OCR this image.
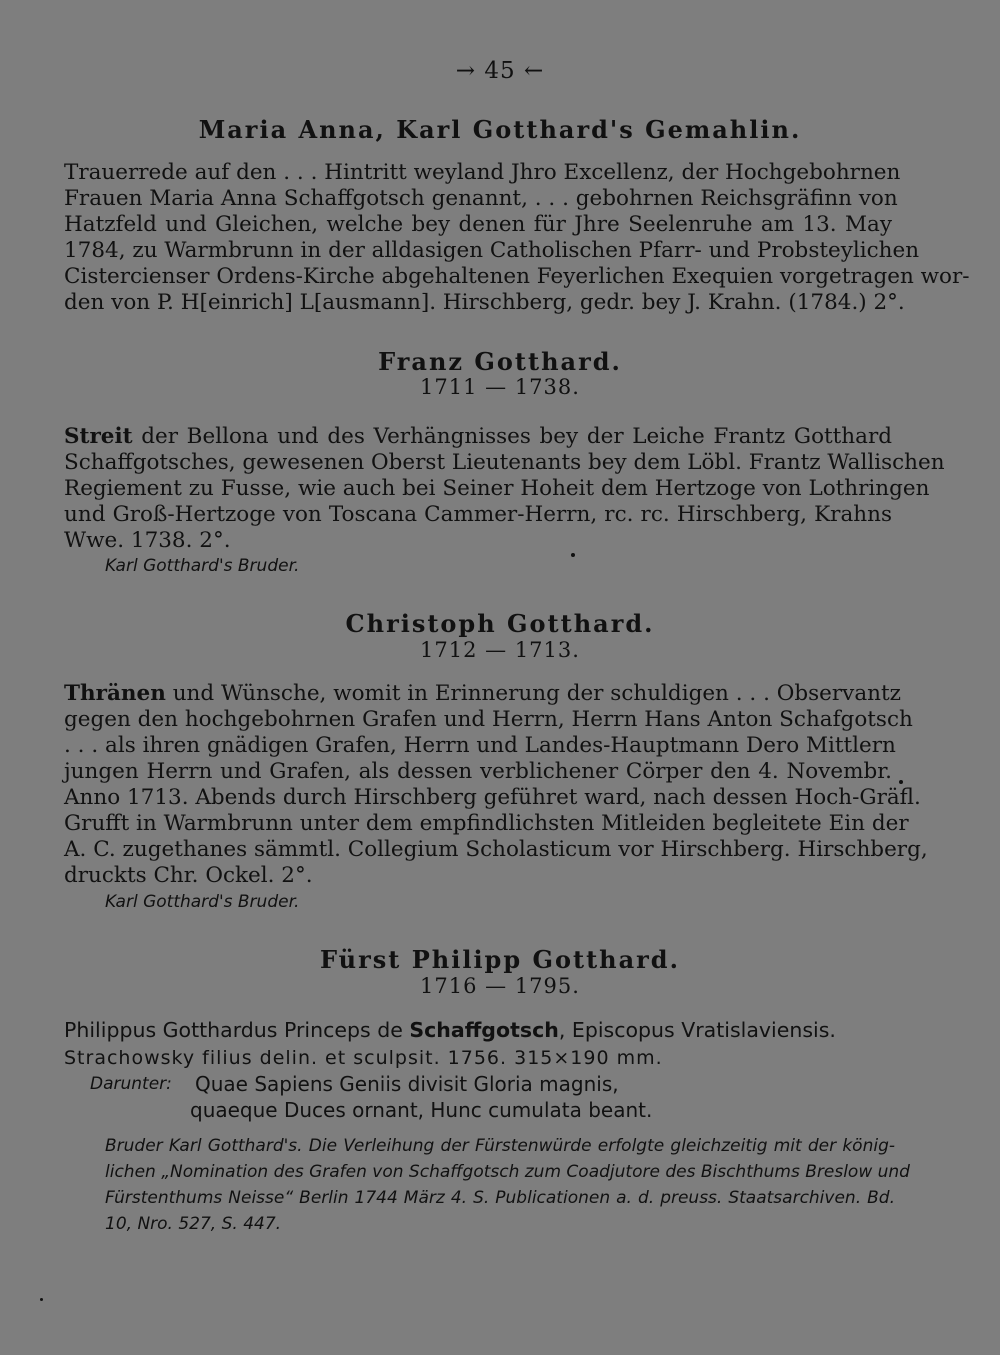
→ 45 ←
Maria Anna, Karl Gotthard's Gemahlin.
Trauerrede auf den . . . Hintritt weyland Jhro Excellenz, der Hochgebohrnen
Frauen Maria Anna Schaffgotsch genannt, . . . gebohrnen Reichsgräfinn von
Hatzfeld und Gleichen, welche bey denen für Jhre Seelenruhe am 13. May
1784, zu Warmbrunn in der alldasigen Catholischen Pfarr- und Probsteylichen
Cistercienser Ordens-Kirche abgehaltenen Feyerlichen Exequien vorgetragen wor-
den von P. H[einrich] L[ausmann]. Hirschberg, gedr. bey J. Krahn. (1784.) 2°.
Franz Gotthard.
1711 — 1738.
Streit der Bellona und des Verhängnisses bey der Leiche Frantz Gotthard
Schaffgotsches, gewesenen Oberst Lieutenants bey dem Löbl. Frantz Wallischen
Regiement zu Fusse, wie auch bei Seiner Hoheit dem Hertzoge von Lothringen
und Groß-Hertzoge von Toscana Cammer-Herrn, rc. rc. Hirschberg, Krahns
Wwe. 1738. 2°.
Karl Gotthard's Bruder.
Christoph Gotthard.
1712 — 1713.
Thränen und Wünsche, womit in Erinnerung der schuldigen . . . Observantz
gegen den hochgebohrnen Grafen und Herrn, Herrn Hans Anton Schafgotsch
. . . als ihren gnädigen Grafen, Herrn und Landes-Hauptmann Dero Mittlern
jungen Herrn und Grafen, als dessen verblichener Cörper den 4. Novembr.
Anno 1713. Abends durch Hirschberg geführet ward, nach dessen Hoch-Gräfl.
Grufft in Warmbrunn unter dem empfindlichsten Mitleiden begleitete Ein der
A. C. zugethanes sämmtl. Collegium Scholasticum vor Hirschberg. Hirschberg,
druckts Chr. Ockel. 2°.
Karl Gotthard's Bruder.
Fürst Philipp Gotthard.
1716 — 1795.
Philippus Gotthardus Princeps de Schaffgotsch, Episcopus Vratislaviensis.
Strachowsky filius delin. et sculpsit. 1756. 315×190 mm.
Darunter: Quae Sapiens Geniis divisit Gloria magnis,
quaeque Duces ornant, Hunc cumulata beant.
Bruder Karl Gotthard's. Die Verleihung der Fürstenwürde erfolgte gleichzeitig mit der könig-
lichen „Nomination des Grafen von Schaffgotsch zum Coadjutore des Bischthums Breslow und
Fürstenthums Neisse“ Berlin 1744 März 4. S. Publicationen a. d. preuss. Staatsarchiven. Bd.
10, Nro. 527, S. 447.
